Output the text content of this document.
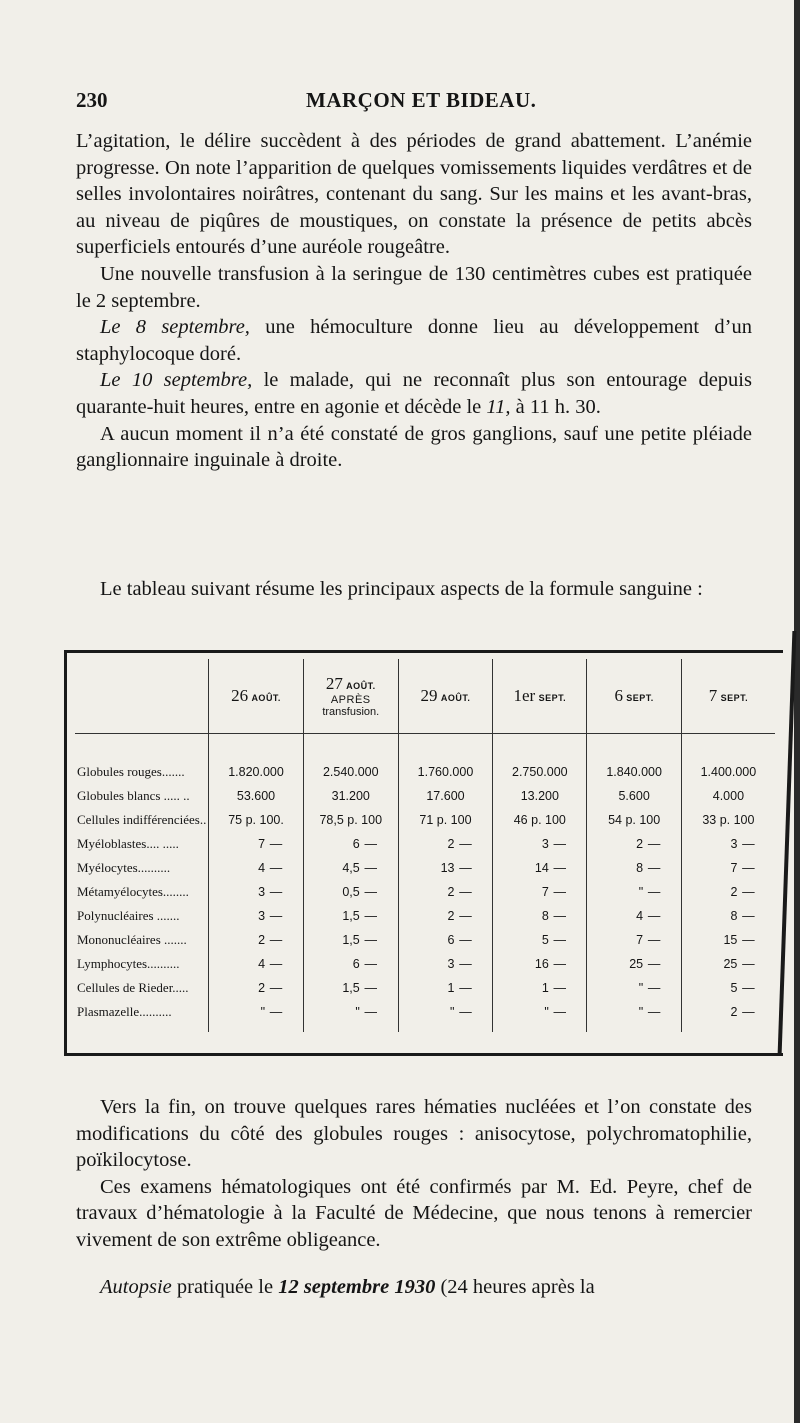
230	MARÇON ET BIDEAU.

L’agitation, le délire succèdent à des périodes de grand abattement. L’anémie progresse. On note l’apparition de quelques vomissements liquides verdâtres et de selles involontaires noirâtres, contenant du sang. Sur les mains et les avant-bras, au niveau de piqûres de moustiques, on constate la présence de petits abcès superficiels entourés d’une auréole rougeâtre.

Une nouvelle transfusion à la seringue de 130 centimètres cubes est pratiquée le 2 septembre.

Le 8 septembre, une hémoculture donne lieu au développement d’un staphylocoque doré.

Le 10 septembre, le malade, qui ne reconnaît plus son entourage depuis quarante-huit heures, entre en agonie et décède le 11, à 11 h. 30.

A aucun moment il n’a été constaté de gros ganglions, sauf une petite pléiade ganglionnaire inguinale à droite.

Le tableau suivant résume les principaux aspects de la formule sanguine :

	26 AOÛT.	27 AOÛT.
APRÈS
transfusion.	29 AOÛT.	1er SEPT.	6 SEPT.	7 SEPT.

Globules rouges.......	1.820.000	2.540.000	1.760.000	2.750.000	1.840.000	1.400.000
Globules blancs ..... ..	53.600	31.200	17.600	13.200	5.600	4.000
Cellules indifférenciées..	75 p. 100.	78,5 p. 100	71 p. 100	46 p. 100	54 p. 100	33 p. 100
Myéloblastes.... .....	7 —	6 —	2 —	3 —	2 —	3 —
Myélocytes..........	4 —	4,5 —	13 —	14 —	8 —	7 —
Métamyélocytes........	3 —	0,5 —	2 —	7 —	" —	2 —
Polynucléaires .......	3 —	1,5 —	2 —	8 —	4 —	8 —
Mononucléaires .......	2 —	1,5 —	6 —	5 —	7 —	15 —
Lymphocytes..........	4 —	6 —	3 —	16 —	25 —	25 —
Cellules de Rieder.....	2 —	1,5 —	1 —	1 —	" —	5 —
Plasmazelle..........	" —	" —	" —	" —	" —	2 —

Vers la fin, on trouve quelques rares hématies nucléées et l’on constate des modifications du côté des globules rouges : anisocytose, polychromatophilie, poïkilocytose.

Ces examens hématologiques ont été confirmés par M. Ed. Peyre, chef de travaux d’hématologie à la Faculté de Médecine, que nous tenons à remercier vivement de son extrême obligeance.

Autopsie pratiquée le 12 septembre 1930 (24 heures après la
